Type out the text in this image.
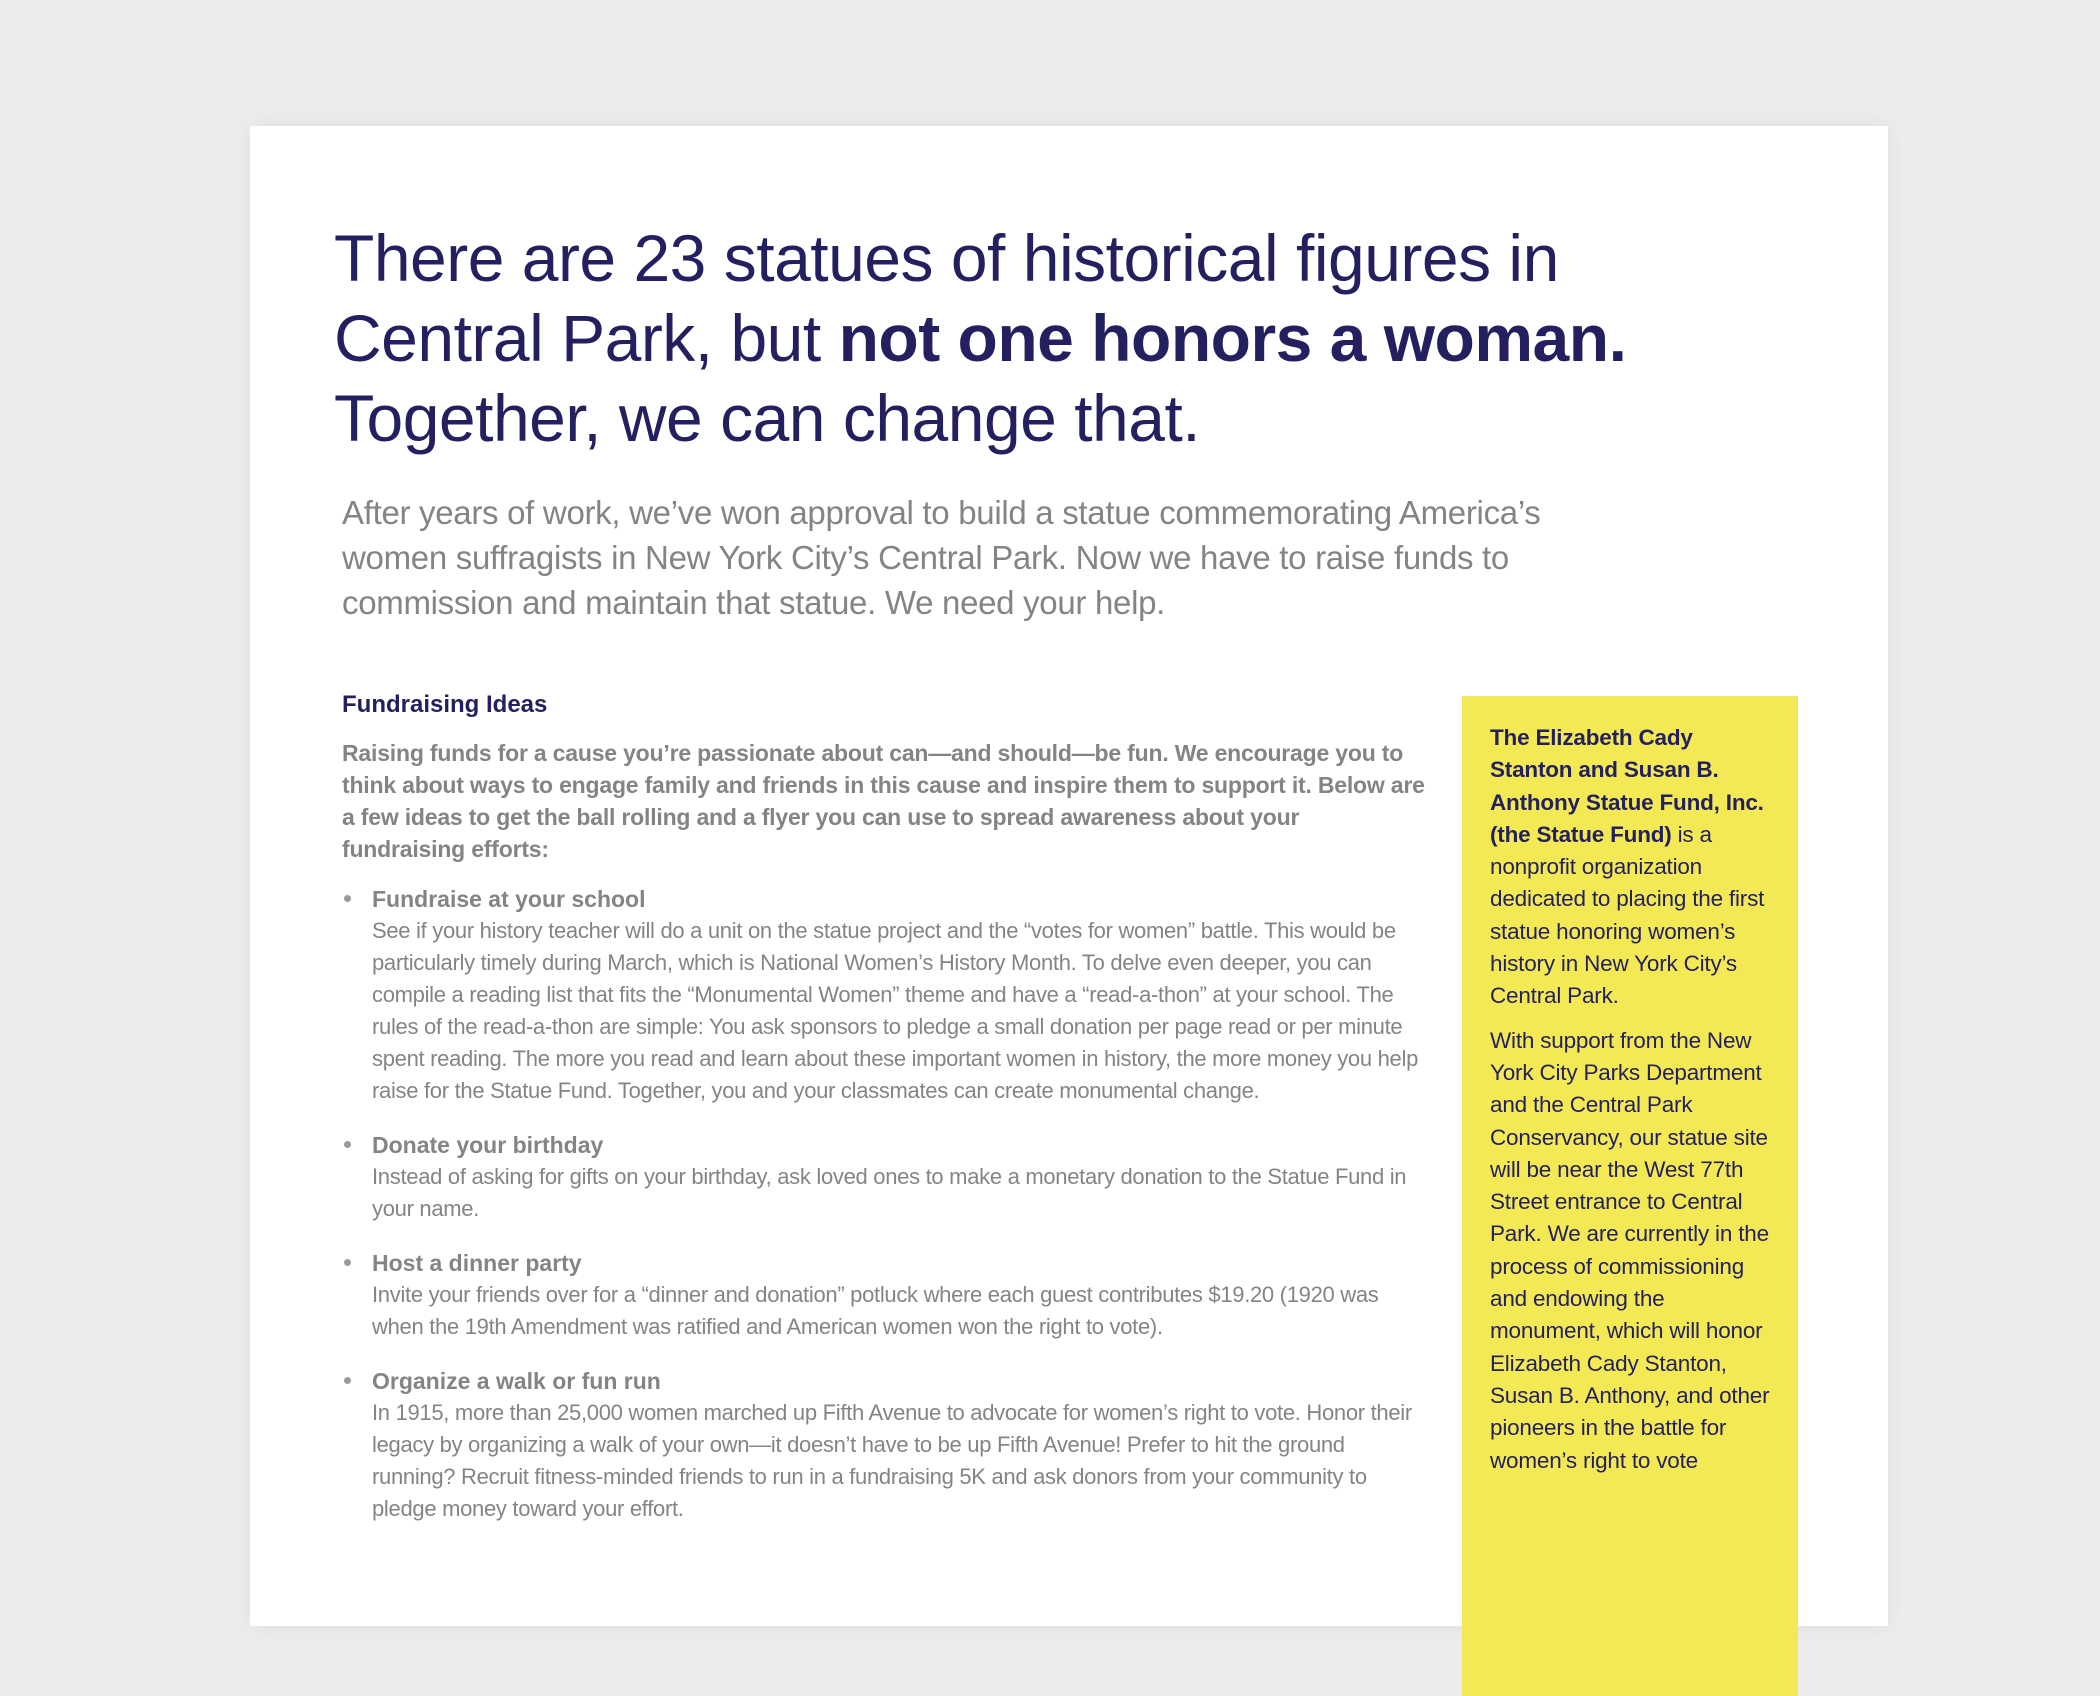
There are 23 statues of historical figures in Central Park, but not one honors a woman. Together, we can change that.

After years of work, we’ve won approval to build a statue commemorating America’s women suffragists in New York City’s Central Park. Now we have to raise funds to commission and maintain that statue. We need your help.

Fundraising Ideas

Raising funds for a cause you’re passionate about can—and should—be fun. We encourage you to think about ways to engage family and friends in this cause and inspire them to support it. Below are a few ideas to get the ball rolling and a flyer you can use to spread awareness about your fundraising efforts:

Fundraise at your school
See if your history teacher will do a unit on the statue project and the “votes for women” battle. This would be particularly timely during March, which is National Women’s History Month. To delve even deeper, you can compile a reading list that fits the “Monumental Women” theme and have a “read-a-thon” at your school. The rules of the read-a-thon are simple: You ask sponsors to pledge a small donation per page read or per minute spent reading. The more you read and learn about these important women in history, the more money you help raise for the Statue Fund. Together, you and your classmates can create monumental change.
Donate your birthday
Instead of asking for gifts on your birthday, ask loved ones to make a monetary donation to the Statue Fund in your name.
Host a dinner party
Invite your friends over for a “dinner and donation” potluck where each guest contributes $19.20 (1920 was when the 19th Amendment was ratified and American women won the right to vote).
Organize a walk or fun run
In 1915, more than 25,000 women marched up Fifth Avenue to advocate for women’s right to vote. Honor their legacy by organizing a walk of your own—it doesn’t have to be up Fifth Avenue! Prefer to hit the ground running? Recruit fitness-minded friends to run in a fundraising 5K and ask donors from your community to pledge money toward your effort.

The Elizabeth Cady Stanton and Susan B. Anthony Statue Fund, Inc. (the Statue Fund) is a nonprofit organization dedicated to placing the first statue honoring women’s history in New York City’s Central Park.

With support from the New York City Parks Department and the Central Park Conservancy, our statue site will be near the West 77th Street entrance to Central Park. We are currently in the process of commissioning and endowing the monument, which will honor Elizabeth Cady Stanton, Susan B. Anthony, and other pioneers in the battle for women’s right to vote
